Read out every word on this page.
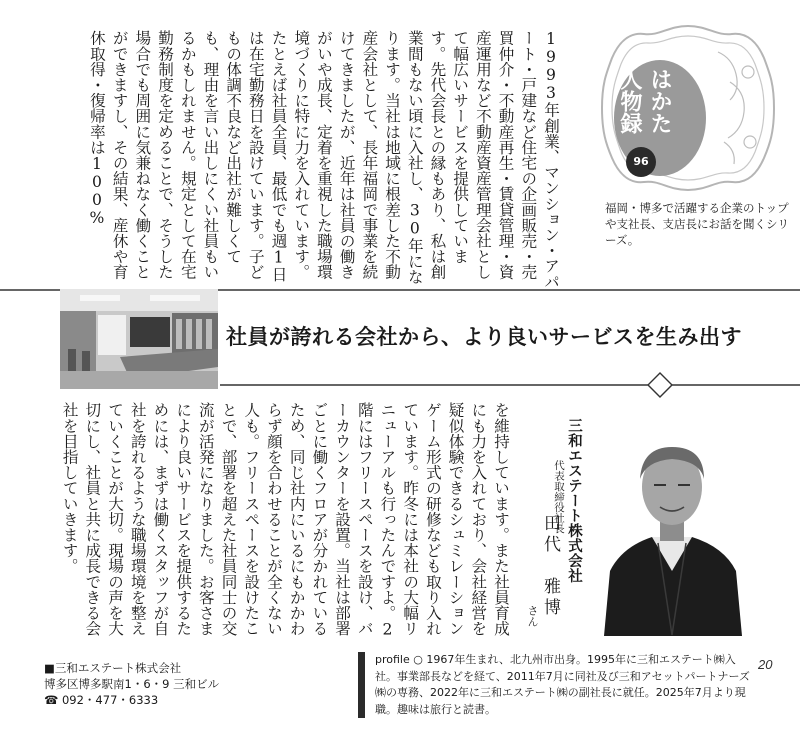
はかた
人物録
96
福岡・博多で活躍する企業のトップや支社長、支店長にお話を聞くシリーズ。
1993年創業、マンション・アパート・戸建など住宅の企画販売・売買仲介・不動産再生・賃貸管理・資産運用など不動産資産管理会社として幅広いサービスを提供しています。先代会長との縁もあり、私は創業間もない頃に入社し、30年になります。当社は地域に根差した不動産会社として、長年福岡で事業を続けてきましたが、近年は社員の働きがいや成長、定着を重視した職場環境づくりに特に力を入れています。たとえば社員全員、最低でも週1日は在宅勤務日を設けています。子どもの体調不良など出社が難しくても、理由を言い出しにくい社員もいるかもしれません。規定として在宅勤務制度を定めることで、そうした場合でも周囲に気兼ねなく働くことができますし、その結果、産休や育休取得・復帰率は100%
社員が誇れる会社から、より良いサービスを生み出す
を維持しています。また社員育成にも力を入れており、会社経営を疑似体験できるシュミレーションゲーム形式の研修なども取り入れています。昨冬には本社の大幅リニューアルも行ったんですよ。2階にはフリースペースを設け、バーカウンターを設置。当社は部署ごとに働くフロアが分かれているため、同じ社内にいるにもかかわらず顔を合わせることが全くない人も。フリースペースを設けたことで、部署を超えた社員同士の交流が活発になりました。お客さまにより良いサービスを提供するためには、まずは働くスタッフが自社を誇れるような職場環境を整えていくことが大切。現場の声を大切にし、社員と共に成長できる会社を目指していきます。	三和エステート株式会社
代表取締役社長
田代　雅博
さん
■三和エステート株式会社
博多区博多駅南1・6・9 三和ビル
☎ 092・477・6333
profile ○ 1967年生まれ、北九州市出身。1995年に三和エステート㈱入社。事業部長などを経て、2011年7月に同社及び三和アセットパートナーズ㈱の専務、2022年に三和エステート㈱の副社長に就任。2025年7月より現職。趣味は旅行と読書。
20
